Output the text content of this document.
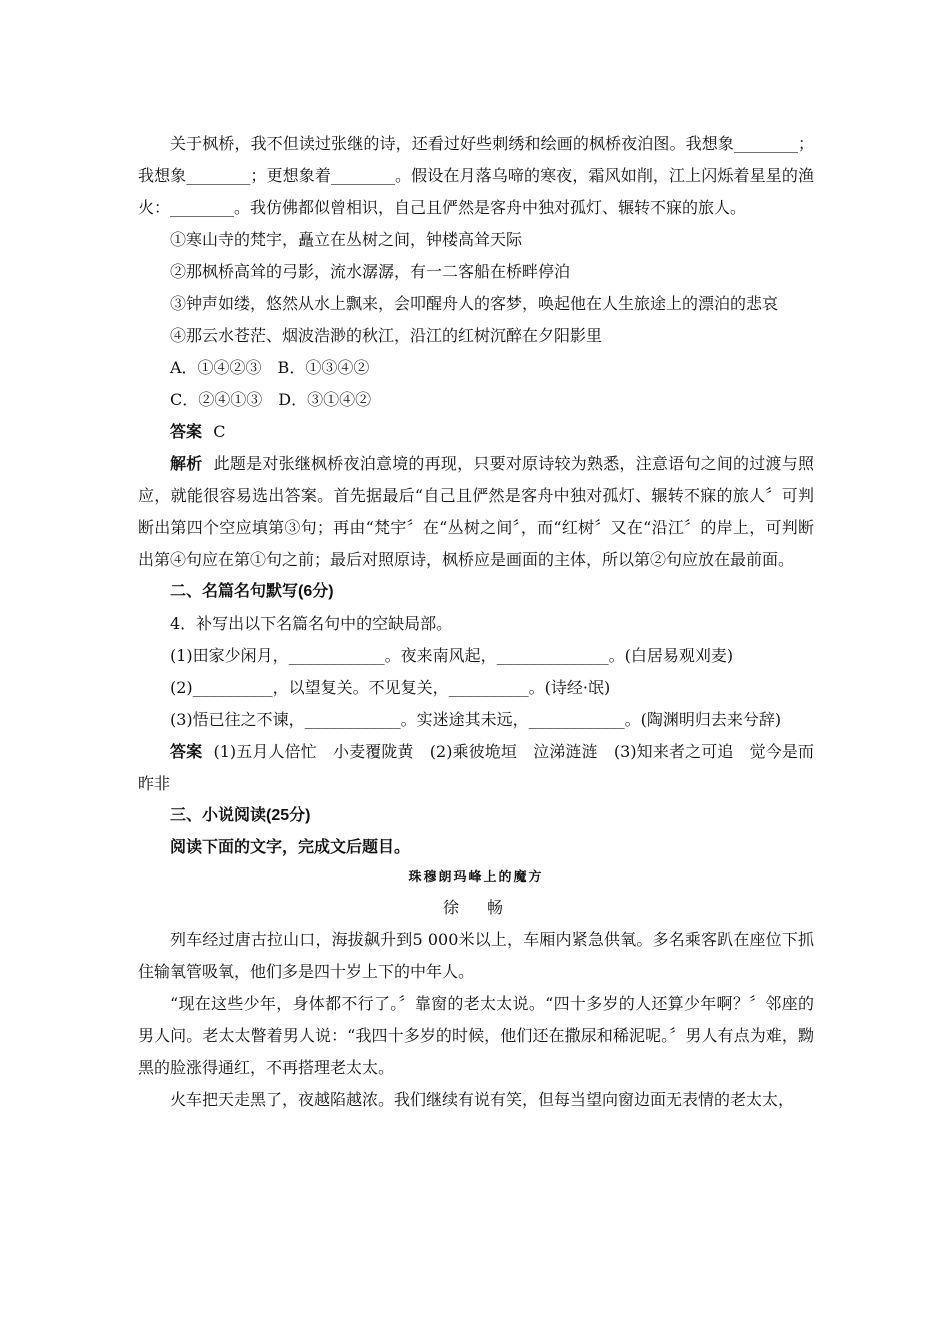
关于枫桥，我不但读过张继的诗，还看过好些刺绣和绘画的枫桥夜泊图。我想象________；我想象________；更想象着________。假设在月落乌啼的寒夜，霜风如削，江上闪烁着星星的渔火：________。我仿佛都似曾相识，自己且俨然是客舟中独对孤灯、辗转不寐的旅人。

①寒山寺的梵宇，矗立在丛树之间，钟楼高耸天际

②那枫桥高耸的弓影，流水潺潺，有一二客船在桥畔停泊

③钟声如缕，悠然从水上飘来，会叩醒舟人的客梦，唤起他在人生旅途上的漂泊的悲哀

④那云水苍茫、烟波浩渺的秋江，沿江的红树沉醉在夕阳影里

A．①④②③　B．①③④②

C．②④①③　D．③①④②

答案 C

解析 此题是对张继枫桥夜泊意境的再现，只要对原诗较为熟悉，注意语句之间的过渡与照应，就能很容易选出答案。首先据最后“自己且俨然是客舟中独对孤灯、辗转不寐的旅人〞可判断出第四个空应填第③句；再由“梵宇〞在“丛树之间〞，而“红树〞又在“沿江〞的岸上，可判断出第④句应在第①句之前；最后对照原诗，枫桥应是画面的主体，所以第②句应放在最前面。

二、名篇名句默写(6分)

4．补写出以下名篇名句中的空缺局部。

(1)田家少闲月，____________。夜来南风起，______________。(白居易观刈麦)

(2)__________，以望复关。不见复关，__________。(诗经·氓)

(3)悟已往之不谏，____________。实迷途其未远，____________。(陶渊明归去来兮辞)

答案 (1)五月人倍忙　小麦覆陇黄　(2)乘彼垝垣　泣涕涟涟　(3)知来者之可追　觉今是而昨非

三、小说阅读(25分)

阅读下面的文字，完成文后题目。

珠穆朗玛峰上的魔方

徐　畅

列车经过唐古拉山口，海拔飙升到5 000米以上，车厢内紧急供氧。多名乘客趴在座位下抓住输氧管吸氧，他们多是四十岁上下的中年人。

“现在这些少年，身体都不行了。〞靠窗的老太太说。“四十多岁的人还算少年啊？〞邻座的男人问。老太太瞥着男人说：“我四十多岁的时候，他们还在撒尿和稀泥呢。〞男人有点为难，黝黑的脸涨得通红，不再搭理老太太。

火车把天走黑了，夜越陷越浓。我们继续有说有笑，但每当望向窗边面无表情的老太太，
